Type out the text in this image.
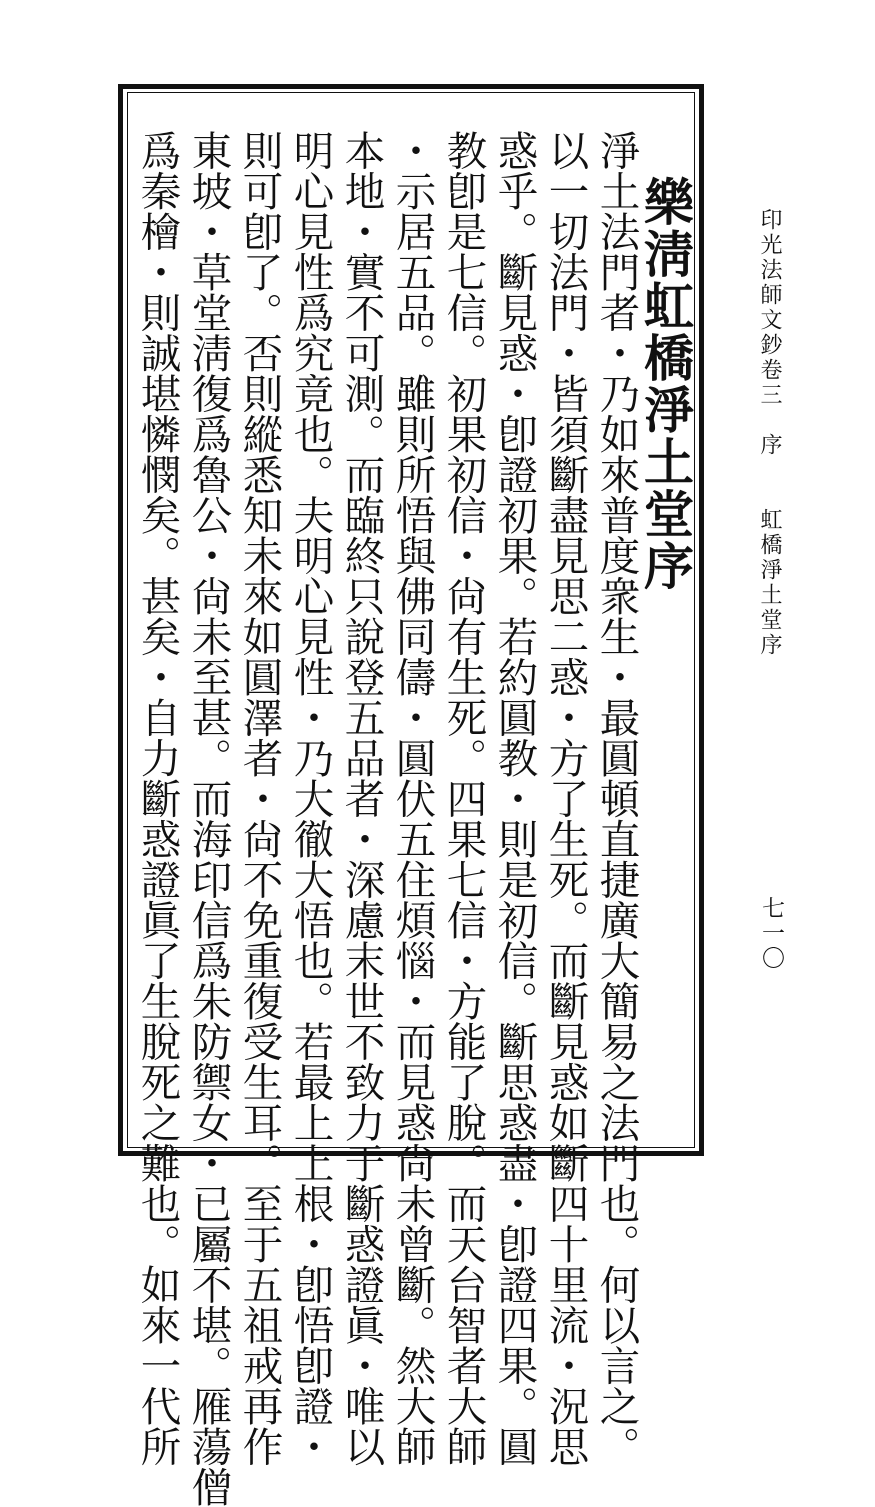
印光法師文鈔卷三　序　　虹橋淨土堂序
七一〇
樂淸虹橋淨土堂序
淨土法門者・乃如來普度衆生・最圓頓直捷廣大簡易之法門也。何以言之。
以一切法門・皆須斷盡見思二惑・方了生死。而斷見惑如斷四十里流・況思
惑乎。斷見惑・卽證初果。若約圓教・則是初信。斷思惑盡・卽證四果。圓
教卽是七信。初果初信・尙有生死。四果七信・方能了脫。而天台智者大師
・示居五品。雖則所悟與佛同儔・圓伏五住煩惱・而見惑尙未曾斷。然大師
本地・實不可測。而臨終只說登五品者・深慮末世不致力于斷惑證眞・唯以
明心見性爲究竟也。夫明心見性・乃大徹大悟也。若最上上根・卽悟卽證・
則可卽了。否則縱悉知未來如圓澤者・尙不免重復受生耳。至于五祖戒再作
東坡・草堂淸復爲魯公・尙未至甚。而海印信爲朱防禦女・已屬不堪。雁蕩僧
爲秦檜・則誠堪憐憫矣。甚矣・自力斷惑證眞了生脫死之難也。如來一代所
